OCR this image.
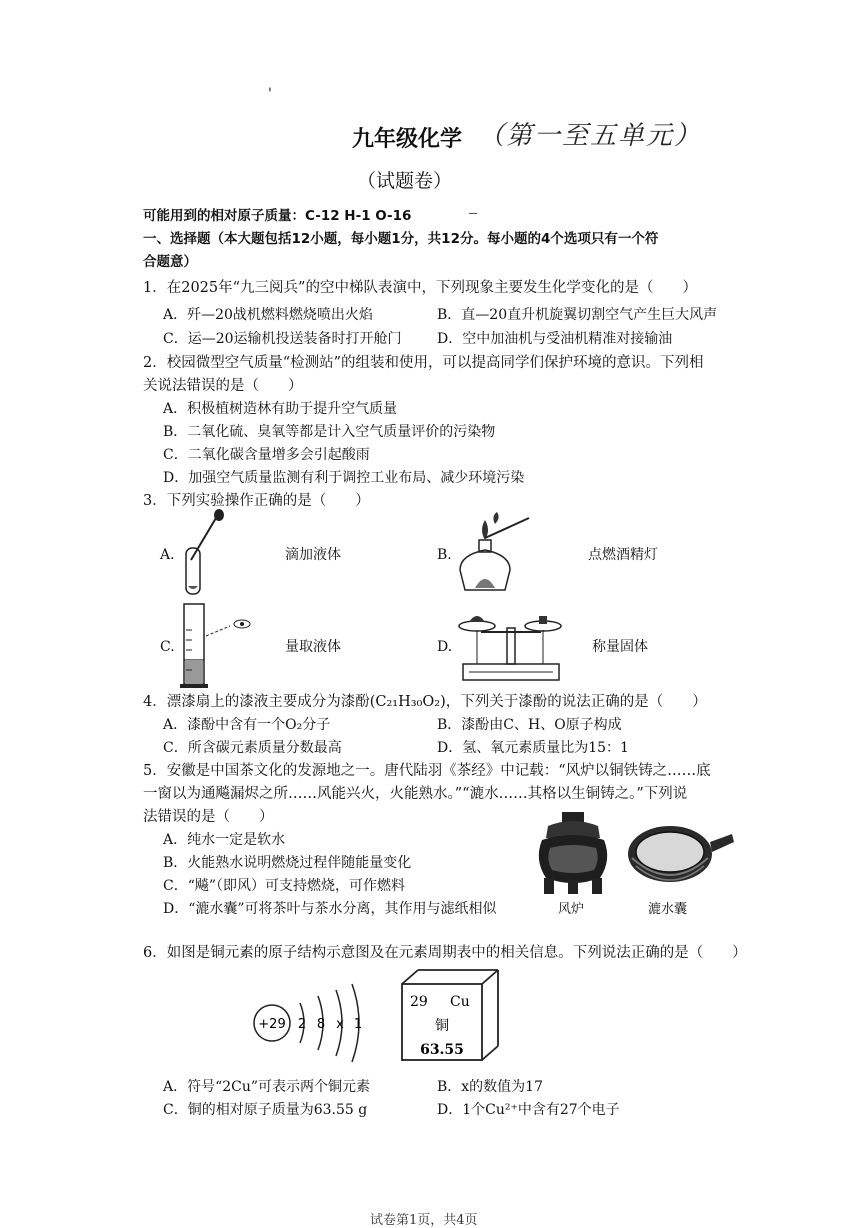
'
九年级化学 （第一至五单元）
（试题卷）
可能用到的相对原子质量：C-12 H-1 O-16
一、选择题（本大题包括12小题，每小题1分，共12分。每小题的4个选项只有一个符
合题意）
1．在2025年“九三阅兵”的空中梯队表演中，下列现象主要发生化学变化的是（　　）
A．歼—20战机燃料燃烧喷出火焰	B．直—20直升机旋翼切割空气产生巨大风声
C．运—20运输机投送装备时打开舱门	D．空中加油机与受油机精准对接输油
2．校园微型空气质量“检测站”的组装和使用，可以提高同学们保护环境的意识。下列相
关说法错误的是（　　）
A．积极植树造林有助于提升空气质量
B．二氧化硫、臭氧等都是计入空气质量评价的污染物
C．二氧化碳含量增多会引起酸雨
D．加强空气质量监测有利于调控工业布局、减少环境污染
3．下列实验操作正确的是（　　）
A.	滴加液体	B.	点燃酒精灯
C.	量取液体	D.	称量固体
4．漂漆扇上的漆液主要成分为漆酚(C₂₁H₃₀O₂)，下列关于漆酚的说法正确的是（　　）
A．漆酚中含有一个O₂分子	B．漆酚由C、H、O原子构成
C．所含碳元素质量分数最高	D．氢、氧元素质量比为15：1
5．安徽是中国茶文化的发源地之一。唐代陆羽《茶经》中记载：“风炉以铜铁铸之……底
一窗以为通飚漏烬之所……风能兴火，火能熟水。”“漉水……其格以生铜铸之。”下列说
法错误的是（　　）
A．纯水一定是软水
B．火能熟水说明燃烧过程伴随能量变化
C．“飚”（即风）可支持燃烧，可作燃料
D．“漉水囊”可将茶叶与茶水分离，其作用与滤纸相似	风炉	漉水囊
6．如图是铜元素的原子结构示意图及在元素周期表中的相关信息。下列说法正确的是（　　）
+29 2 8 x 1
29 Cu
铜
63.55
A．符号“2Cu”可表示两个铜元素	B．x的数值为17
C．铜的相对原子质量为63.55 g	D．1个Cu²⁺中含有27个电子
试卷第1页，共4页
